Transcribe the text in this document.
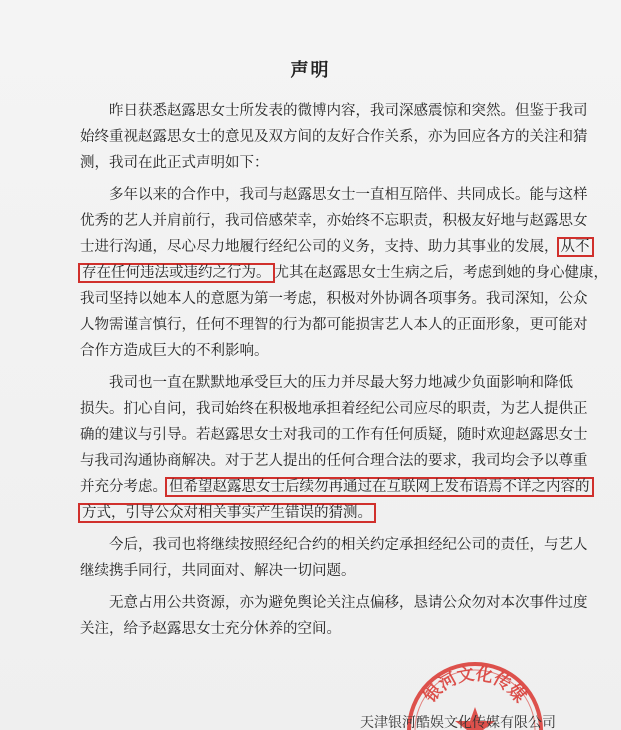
声明
昨日获悉赵露思女士所发表的微博内容，我司深感震惊和突然。但鉴于我司
始终重视赵露思女士的意见及双方间的友好合作关系，亦为回应各方的关注和猜
测，我司在此正式声明如下：
多年以来的合作中，我司与赵露思女士一直相互陪伴、共同成长。能与这样
优秀的艺人并肩前行，我司倍感荣幸，亦始终不忘职责，积极友好地与赵露思女
士进行沟通，尽心尽力地履行经纪公司的义务，支持、助力其事业的发展， 从不
存在任何违法或违约之行为。 尤其在赵露思女士生病之后，考虑到她的身心健康，
我司坚持以她本人的意愿为第一考虑，积极对外协调各项事务。我司深知，公众
人物需谨言慎行，任何不理智的行为都可能损害艺人本人的正面形象，更可能对
合作方造成巨大的不利影响。
我司也一直在默默地承受巨大的压力并尽最大努力地减少负面影响和降低
损失。扪心自问，我司始终在积极地承担着经纪公司应尽的职责，为艺人提供正
确的建议与引导。若赵露思女士对我司的工作有任何质疑，随时欢迎赵露思女士
与我司沟通协商解决。对于艺人提出的任何合理合法的要求，我司均会予以尊重
并充分考虑。 但希望赵露思女士后续勿再通过在互联网上发布语焉不详之内容的
方式，引导公众对相关事实产生错误的猜测。
今后，我司也将继续按照经纪合约的相关约定承担经纪公司的责任，与艺人
继续携手同行，共同面对、解决一切问题。
无意占用公共资源，亦为避免舆论关注点偏移，恳请公众勿对本次事件过度
关注，给予赵露思女士充分休养的空间。
银河文化传媒
天津银河酷娱文化传媒有限公司
